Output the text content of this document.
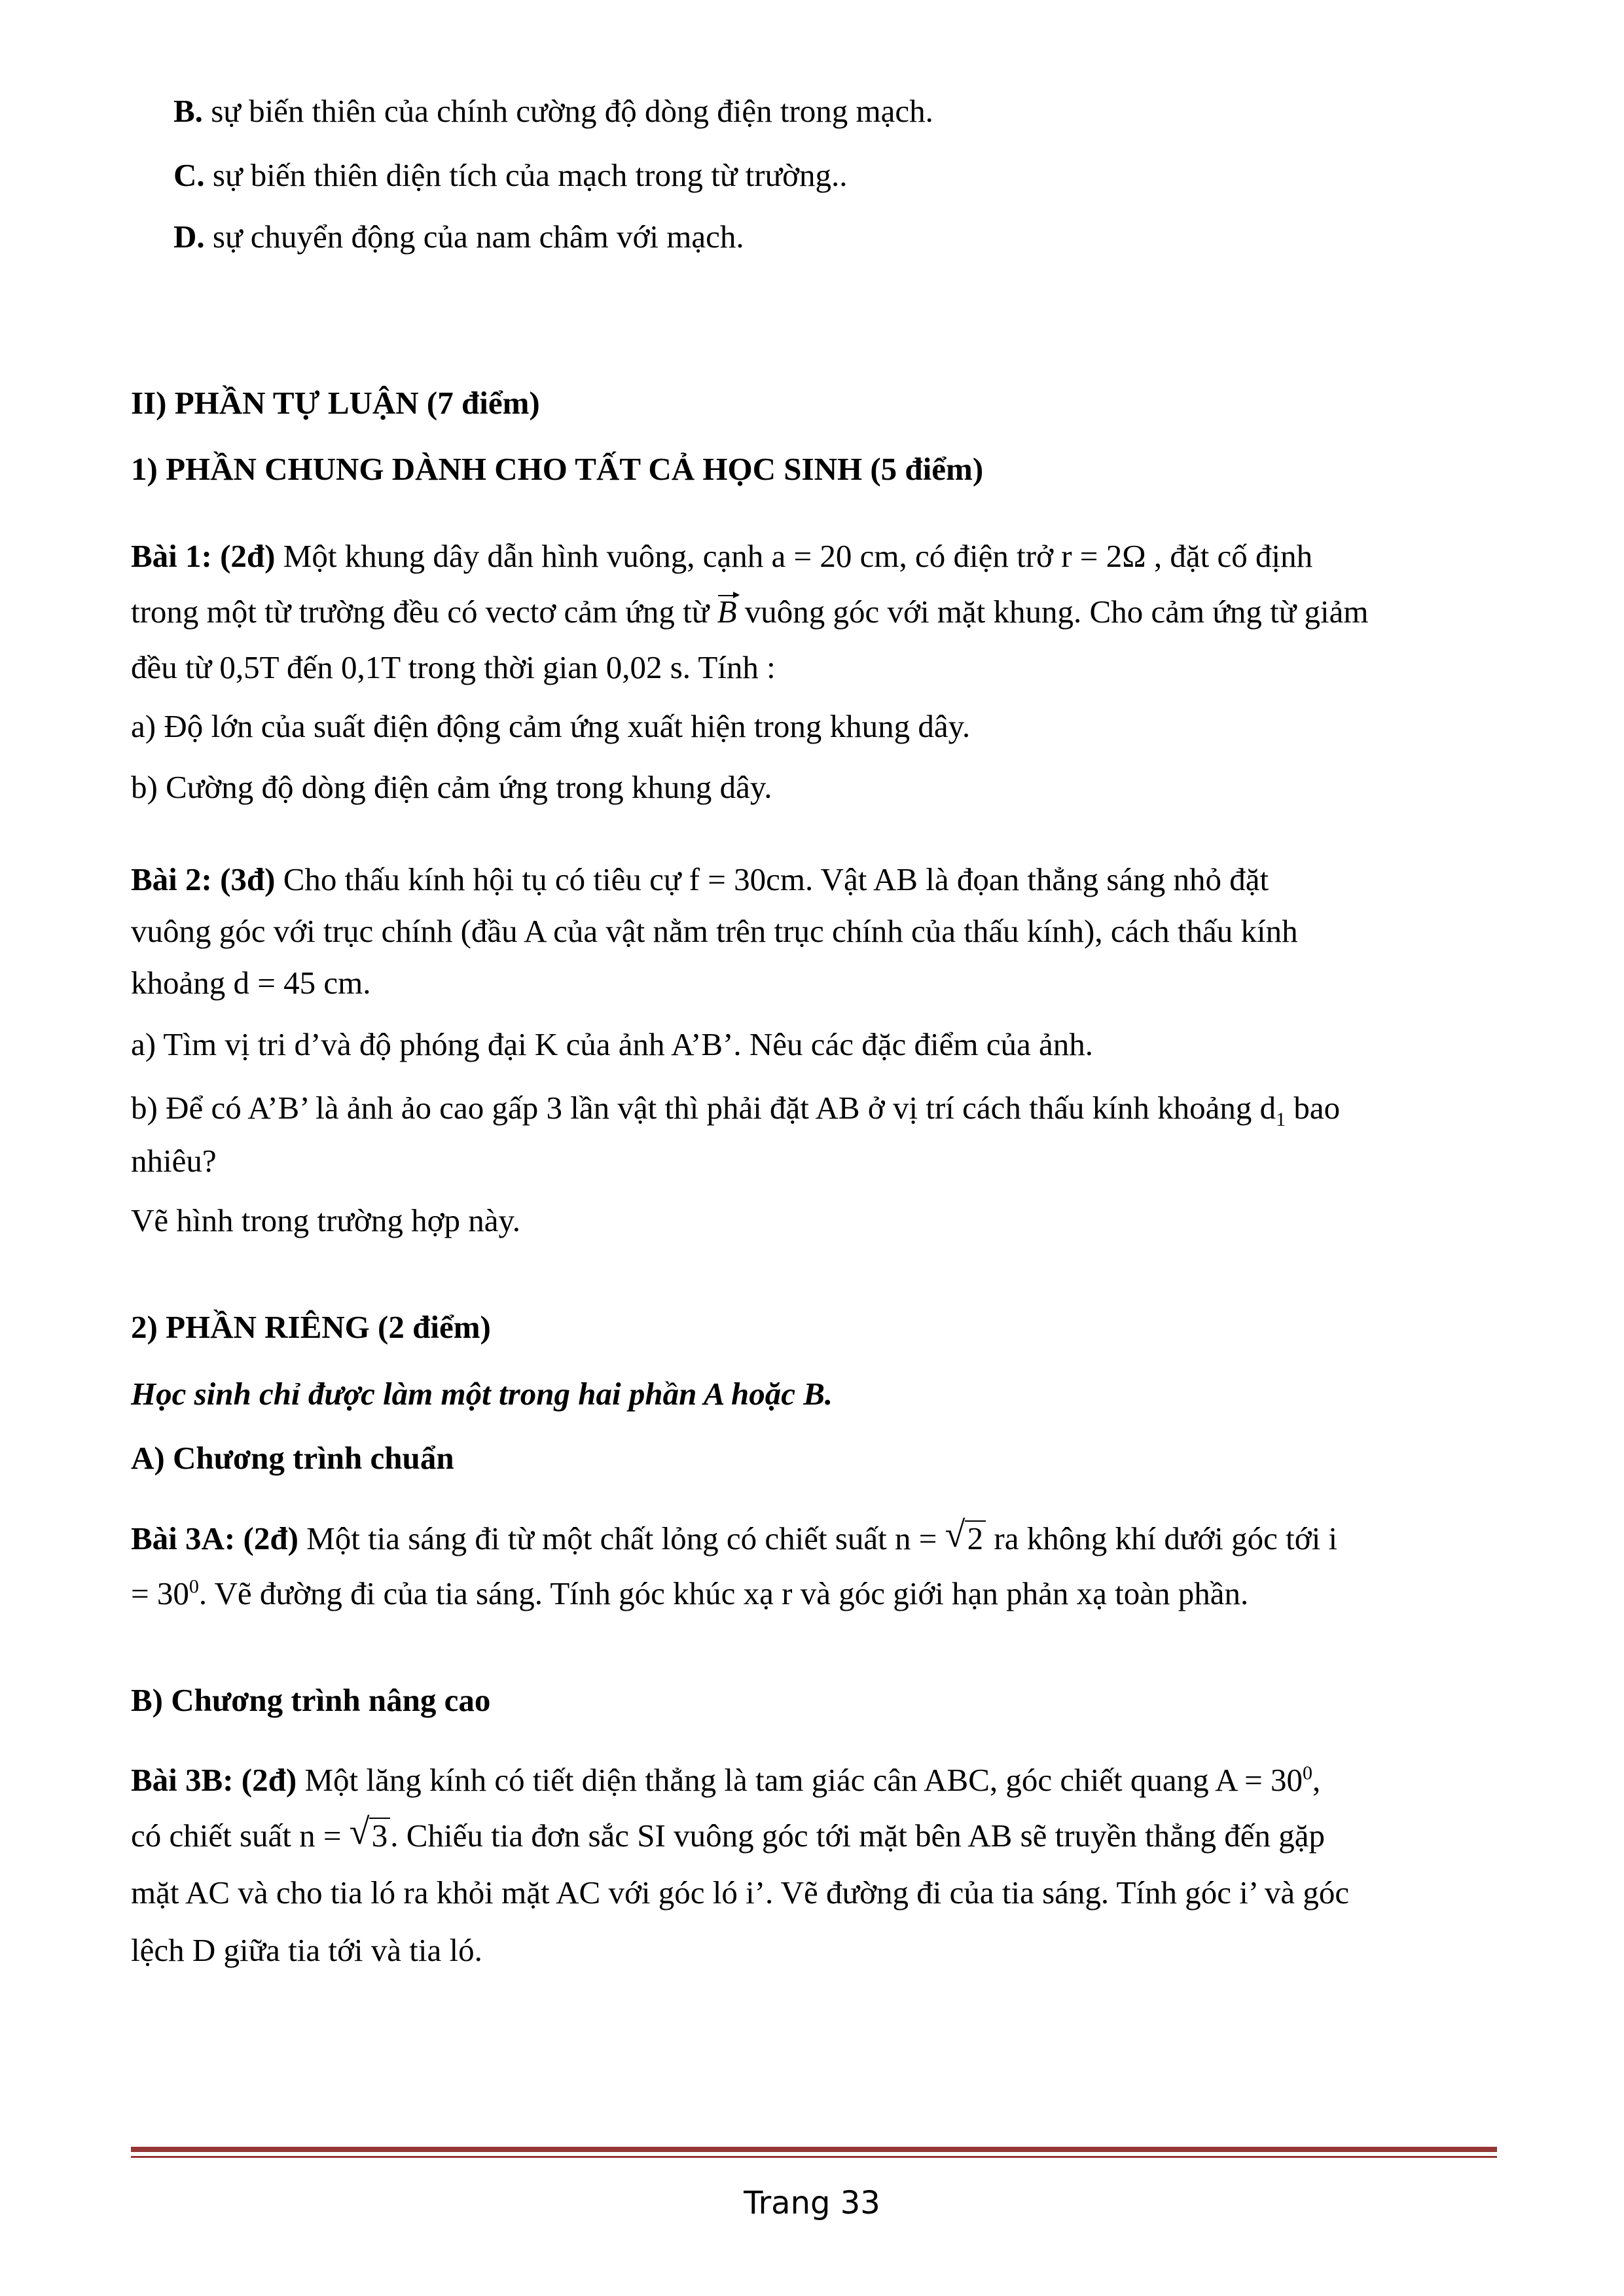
B. sự biến thiên của chính cường độ dòng điện trong mạch.
C. sự biến thiên diện tích của mạch trong từ trường..
D. sự chuyển động của nam châm với mạch.
II) PHẦN TỰ LUẬN (7 điểm)
1) PHẦN CHUNG DÀNH CHO TẤT CẢ HỌC SINH (5 điểm)
Bài 1: (2đ) Một khung dây dẫn hình vuông, cạnh a = 20 cm, có điện trở r = 2Ω , đặt cố định
trong một từ trường đều có vectơ cảm ứng từ B vuông góc với mặt khung. Cho cảm ứng từ giảm
đều từ 0,5T đến 0,1T trong thời gian 0,02 s. Tính :
a) Độ lớn của suất điện động cảm ứng xuất hiện trong khung dây.
b) Cường độ dòng điện cảm ứng trong khung dây.
Bài 2: (3đ) Cho thấu kính hội tụ có tiêu cự f = 30cm. Vật AB là đọan thẳng sáng nhỏ đặt
vuông góc với trục chính (đầu A của vật nằm trên trục chính của thấu kính), cách thấu kính
khoảng d = 45 cm.
a) Tìm vị tri d’và độ phóng đại K của ảnh A’B’. Nêu các đặc điểm của ảnh.
b) Để có A’B’ là ảnh ảo cao gấp 3 lần vật thì phải đặt AB ở vị trí cách thấu kính khoảng $d_1$ bao
nhiêu?
Vẽ hình trong trường hợp này.
2) PHẦN RIÊNG (2 điểm)
Học sinh chỉ được làm một trong hai phần A hoặc B.
A) Chương trình chuẩn
Bài 3A: (2đ) Một tia sáng đi từ một chất lỏng có chiết suất n = √ 2 ra không khí dưới góc tới i
= $30^0$. Vẽ đường đi của tia sáng. Tính góc khúc xạ r và góc giới hạn phản xạ toàn phần.
B) Chương trình nâng cao
Bài 3B: (2đ) Một lăng kính có tiết diện thẳng là tam giác cân ABC, góc chiết quang $A = 30^0$,
có chiết suất n = √ 3. Chiếu tia đơn sắc SI vuông góc tới mặt bên AB sẽ truyền thẳng đến gặp
mặt AC và cho tia ló ra khỏi mặt AC với góc ló i’. Vẽ đường đi của tia sáng. Tính góc i’ và góc
lệch D giữa tia tới và tia ló.
Trang 33
